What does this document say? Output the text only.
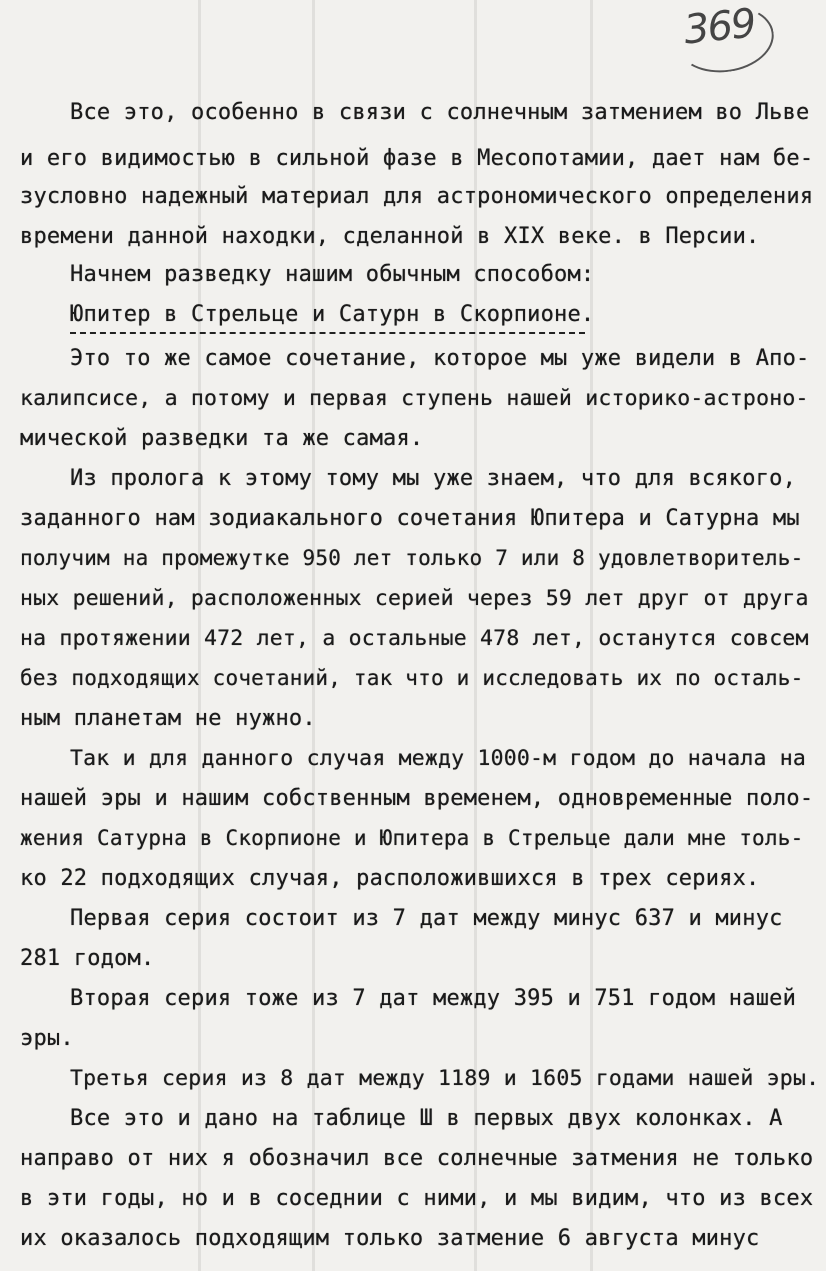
369
Все это, особенно в связи с солнечным затмением во Льве
и его видимостью в сильной фазе в Месопотамии, дает нам бе-
зусловно надежный материал для астрономического определения
времени данной находки, сделанной в XIX веке. в Персии.
Начнем разведку нашим обычным способом:
Юпитер в Стрельце и Сатурн в Скорпионе.
Это то же самое сочетание, которое мы уже видели в Апо-
калипсисе, а потому и первая ступень нашей историко-астроно-
мической разведки та же самая.
Из пролога к этому тому мы уже знаем, что для всякого,
заданного нам зодиакального сочетания Юпитера и Сатурна мы
получим на промежутке 950 лет только 7 или 8 удовлетворитель-
ных решений, расположенных серией через 59 лет друг от друга
на протяжении 472 лет, а остальные 478 лет, останутся совсем
без подходящих сочетаний, так что и исследовать их по осталь-
ным планетам не нужно.
Так и для данного случая между 1000-м годом до начала на
нашей эры и нашим собственным временем, одновременные поло-
жения Сатурна в Скорпионе и Юпитера в Стрельце дали мне толь-
ко 22 подходящих случая, расположившихся в трех сериях.
Первая серия состоит из 7 дат между минус 637 и минус
281 годом.
Вторая серия тоже из 7 дат между 395 и 751 годом нашей
эры.
Третья серия из 8 дат между 1189 и 1605 годами нашей эры.
Все это и дано на таблице Ш в первых двух колонках. А
направо от них я обозначил все солнечные затмения не только
в эти годы, но и в соседнии с ними, и мы видим, что из всех
их оказалось подходящим только затмение 6 августа минус
